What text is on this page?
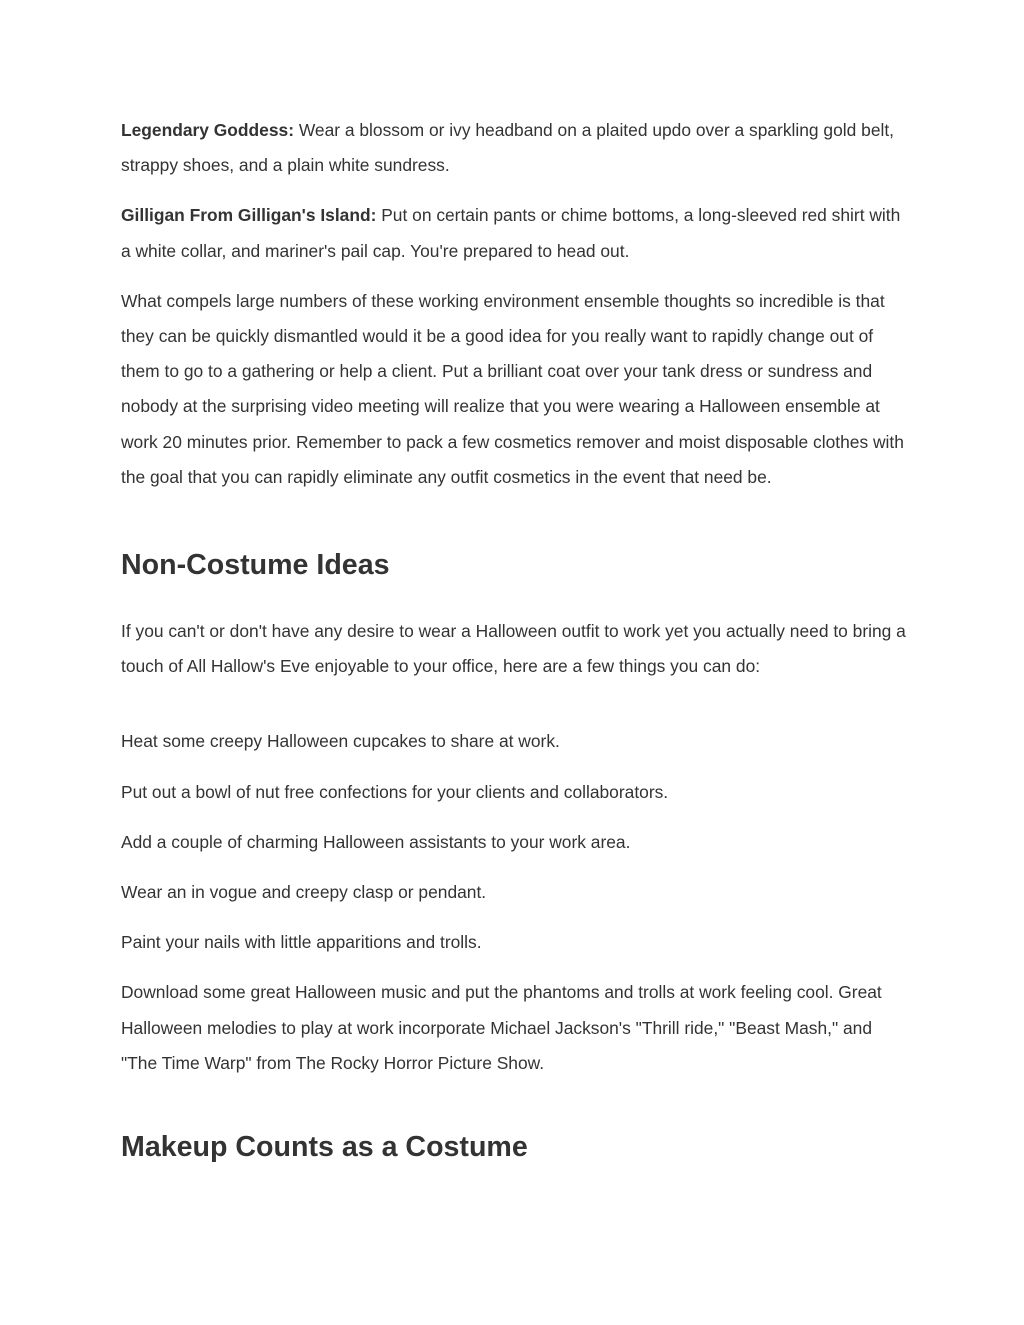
Legendary Goddess: Wear a blossom or ivy headband on a plaited updo over a sparkling gold belt, strappy shoes, and a plain white sundress.

Gilligan From Gilligan's Island: Put on certain pants or chime bottoms, a long-sleeved red shirt with a white collar, and mariner's pail cap. You're prepared to head out.

What compels large numbers of these working environment ensemble thoughts so incredible is that they can be quickly dismantled would it be a good idea for you really want to rapidly change out of them to go to a gathering or help a client. Put a brilliant coat over your tank dress or sundress and nobody at the surprising video meeting will realize that you were wearing a Halloween ensemble at work 20 minutes prior. Remember to pack a few cosmetics remover and moist disposable clothes with the goal that you can rapidly eliminate any outfit cosmetics in the event that need be.

Non-Costume Ideas

If you can't or don't have any desire to wear a Halloween outfit to work yet you actually need to bring a touch of All Hallow's Eve enjoyable to your office, here are a few things you can do:

Heat some creepy Halloween cupcakes to share at work.

Put out a bowl of nut free confections for your clients and collaborators.

Add a couple of charming Halloween assistants to your work area.

Wear an in vogue and creepy clasp or pendant.

Paint your nails with little apparitions and trolls.

Download some great Halloween music and put the phantoms and trolls at work feeling cool. Great Halloween melodies to play at work incorporate Michael Jackson's "Thrill ride," "Beast Mash," and "The Time Warp" from The Rocky Horror Picture Show.

Makeup Counts as a Costume
